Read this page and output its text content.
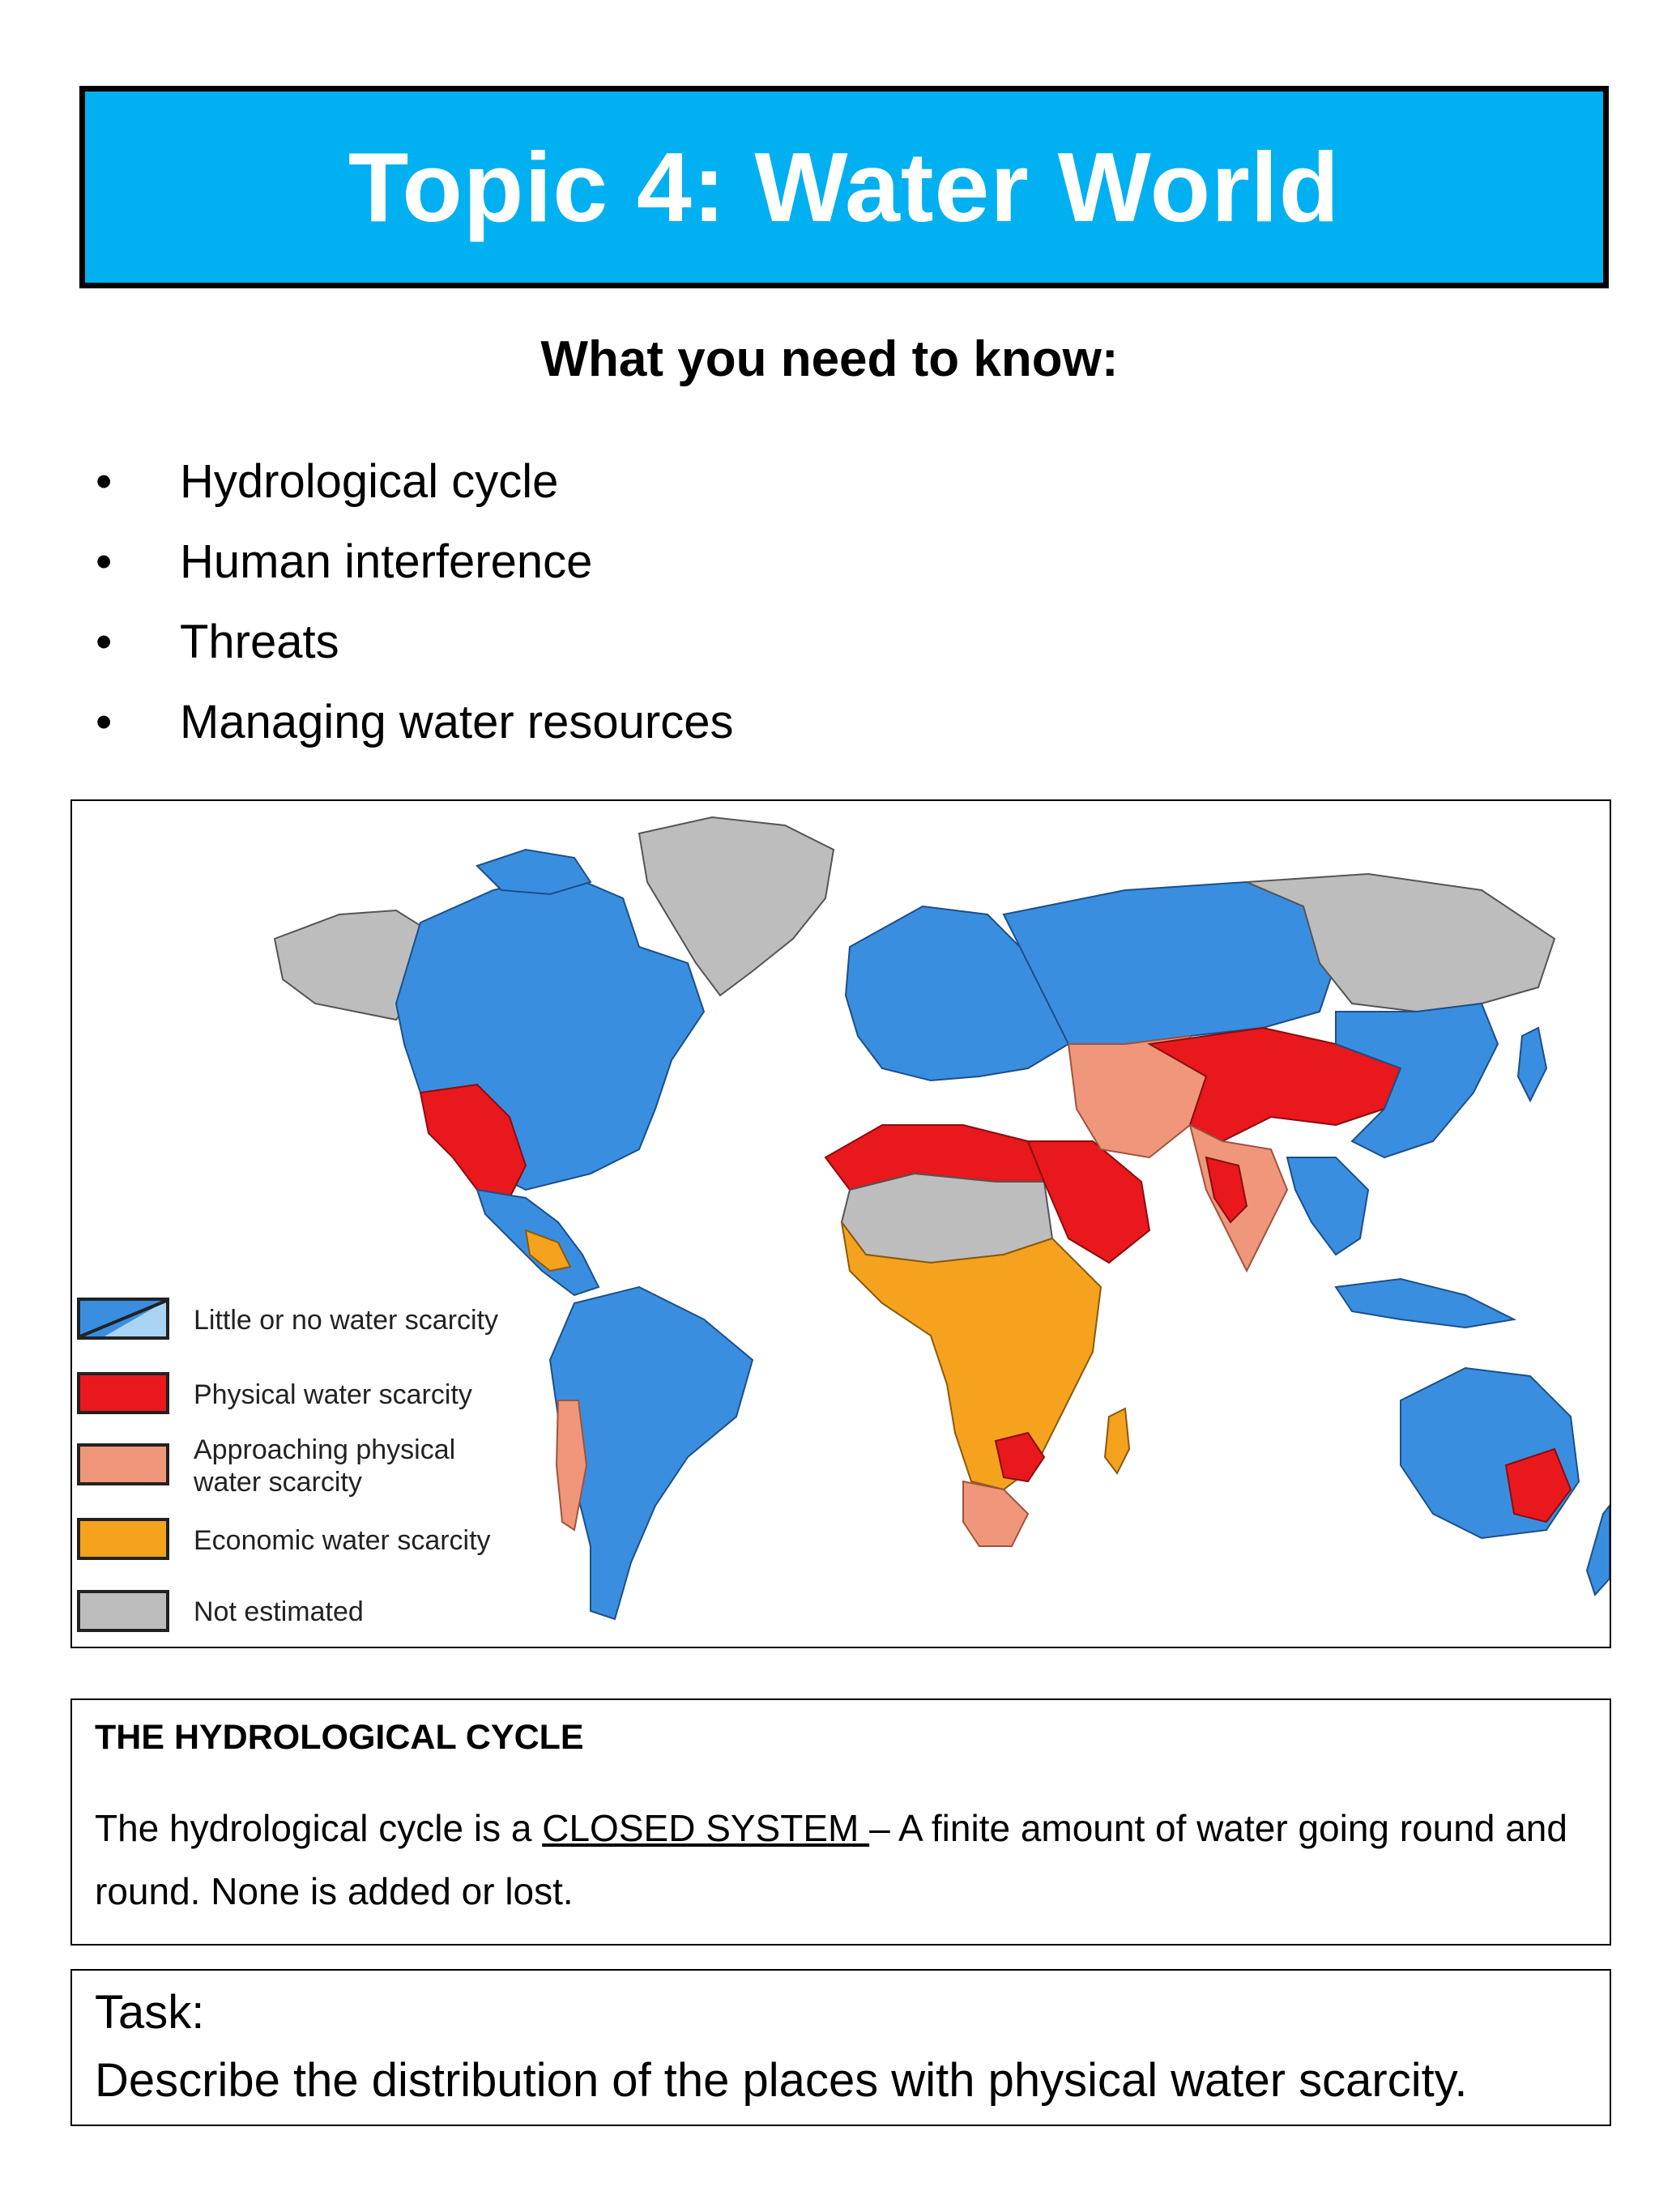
Topic 4: Water World
What you need to know:
• Hydrological cycle
• Human interference
• Threats
• Managing water resources
Little or no water scarcity
Physical water scarcity
Approaching physical
water scarcity
Economic water scarcity
Not estimated
THE HYDROLOGICAL CYCLE
The hydrological cycle is a CLOSED SYSTEM – A finite amount of water going round and round. None is added or lost.
Task:
Describe the distribution of the places with physical water scarcity.
